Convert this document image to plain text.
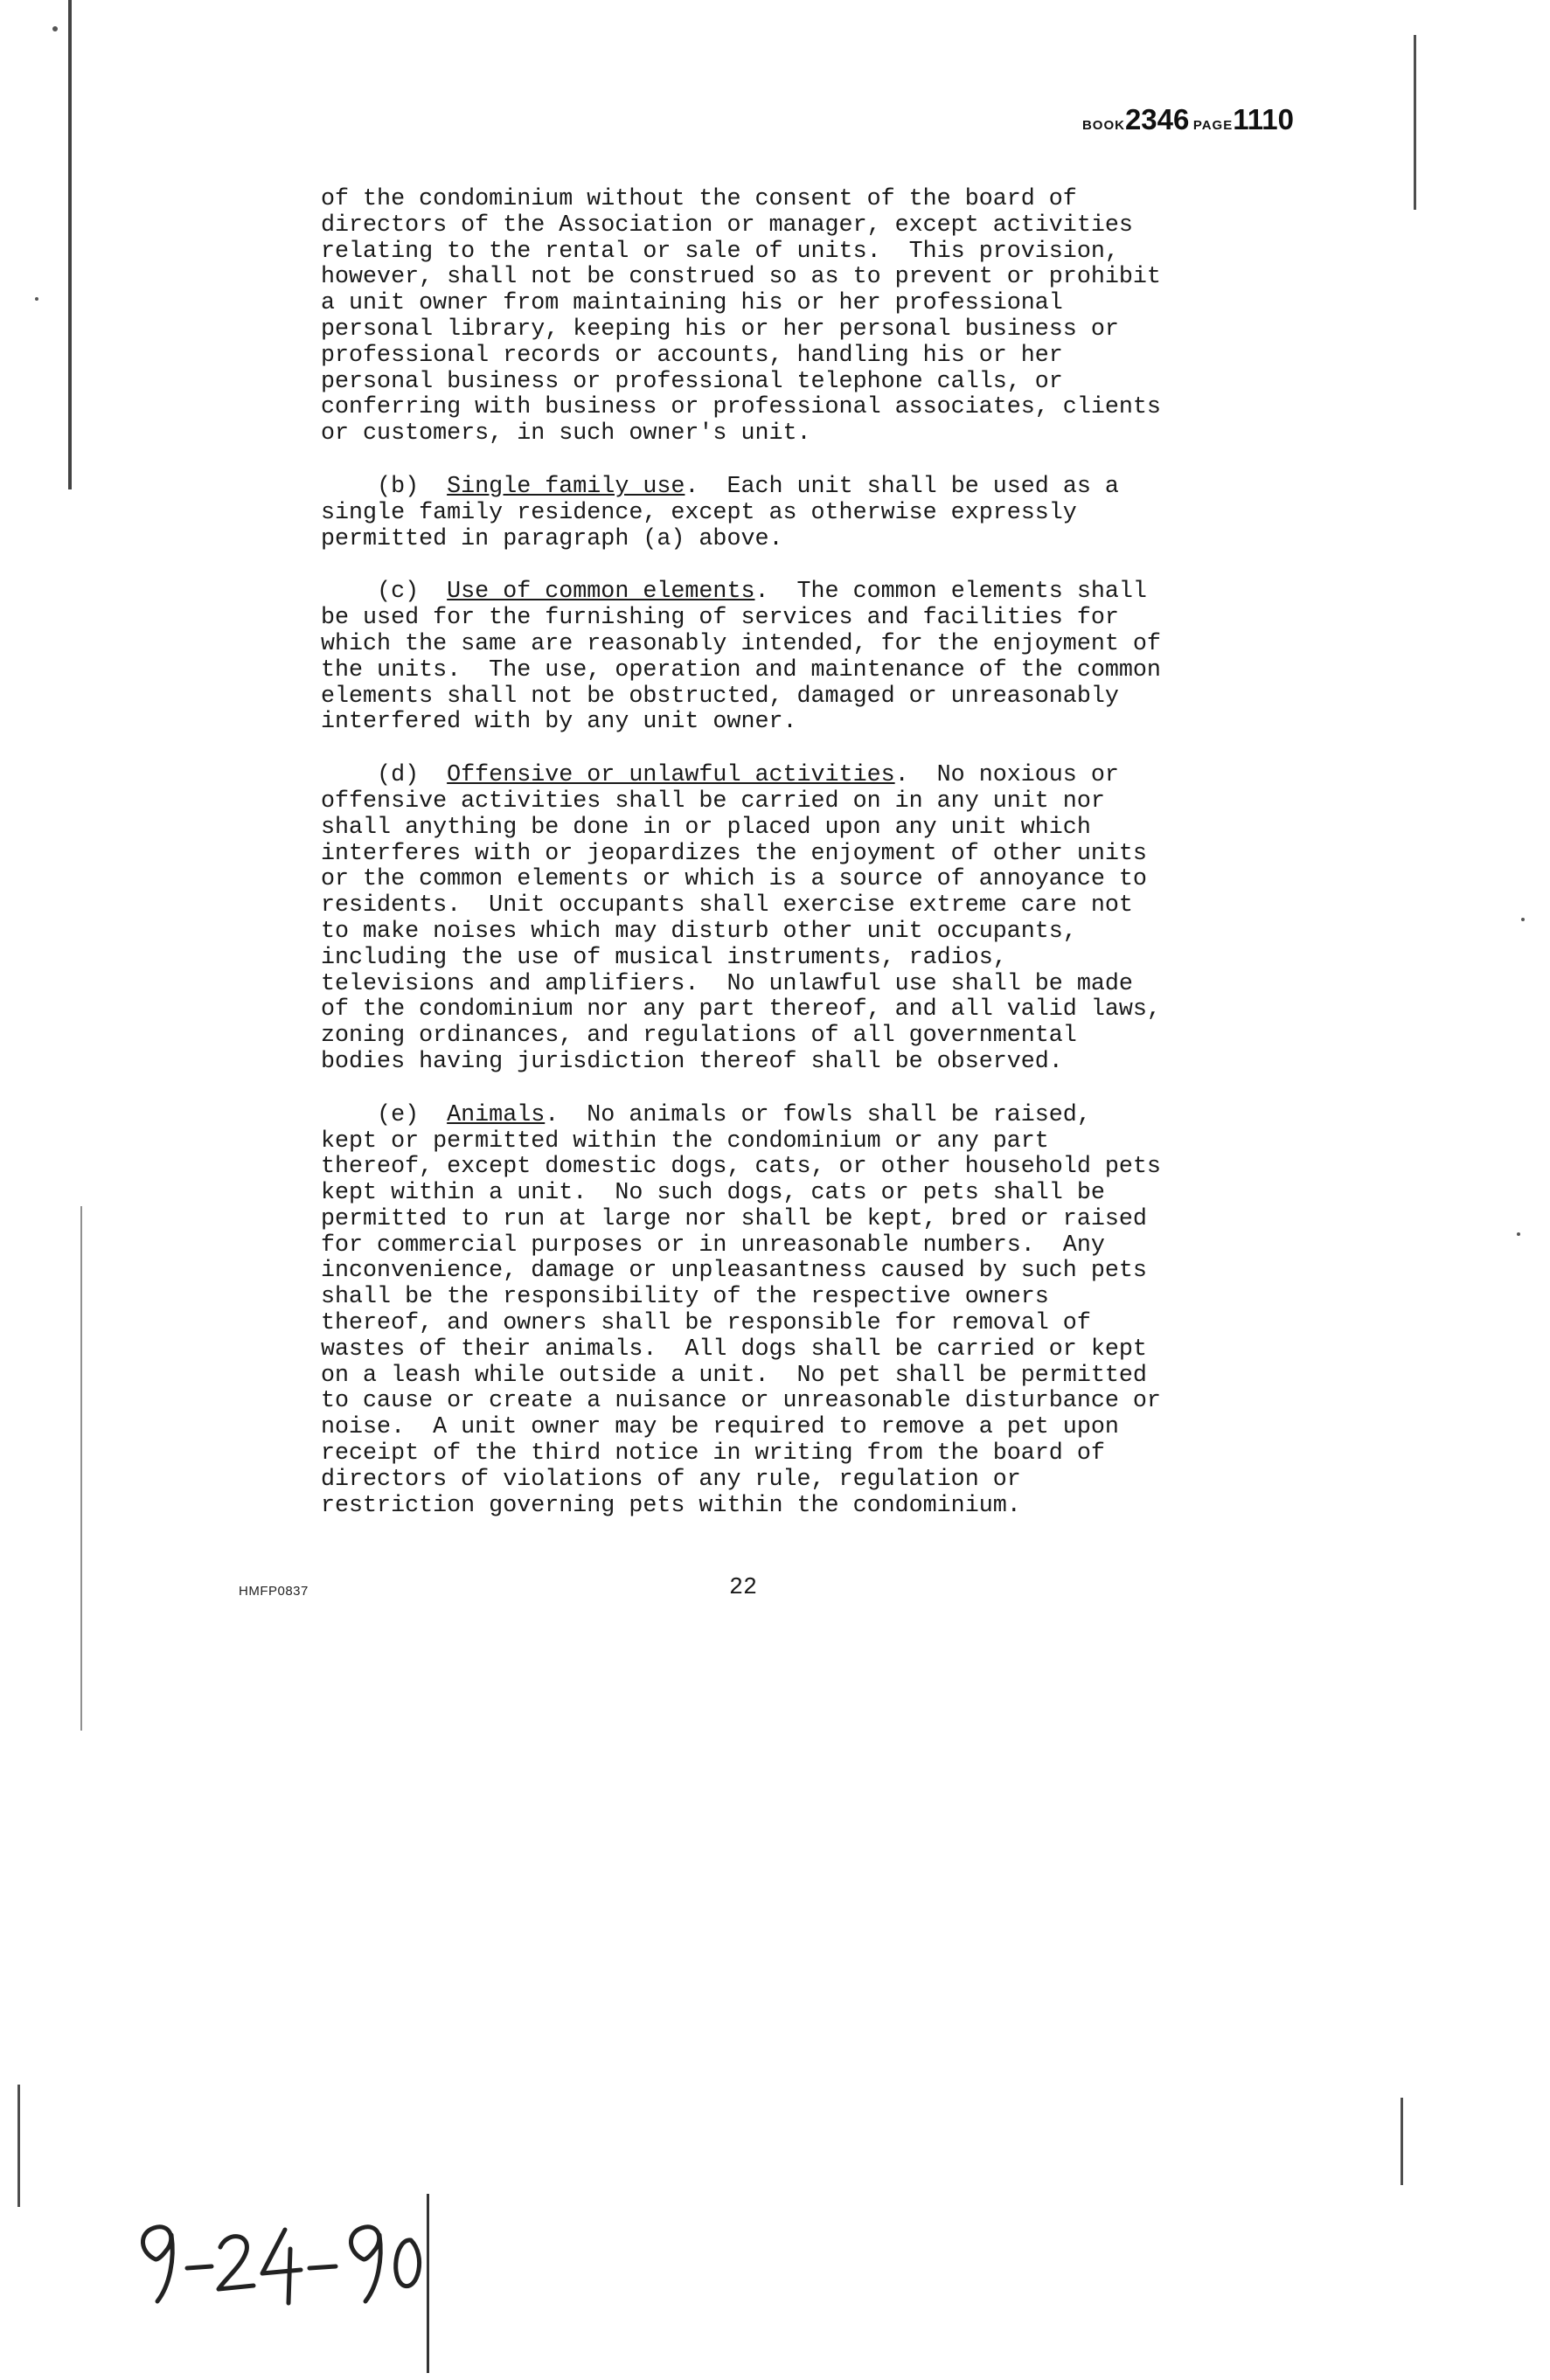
BOOK2346 PAGE1110

of the condominium without the consent of the board of

directors of the Association or manager, except activities

relating to the rental or sale of units.  This provision,

however, shall not be construed so as to prevent or prohibit

a unit owner from maintaining his or her professional

personal library, keeping his or her personal business or

professional records or accounts, handling his or her

personal business or professional telephone calls, or

conferring with business or professional associates, clients

or customers, in such owner's unit.

(b) Single family use.  Each unit shall be used as a

single family residence, except as otherwise expressly

permitted in paragraph (a) above.

(c) Use of common elements.  The common elements shall

be used for the furnishing of services and facilities for

which the same are reasonably intended, for the enjoyment of

the units.  The use, operation and maintenance of the common

elements shall not be obstructed, damaged or unreasonably

interfered with by any unit owner.

(d) Offensive or unlawful activities.  No noxious or

offensive activities shall be carried on in any unit nor

shall anything be done in or placed upon any unit which

interferes with or jeopardizes the enjoyment of other units

or the common elements or which is a source of annoyance to

residents.  Unit occupants shall exercise extreme care not

to make noises which may disturb other unit occupants,

including the use of musical instruments, radios,

televisions and amplifiers.  No unlawful use shall be made

of the condominium nor any part thereof, and all valid laws,

zoning ordinances, and regulations of all governmental

bodies having jurisdiction thereof shall be observed.

(e) Animals.  No animals or fowls shall be raised,

kept or permitted within the condominium or any part

thereof, except domestic dogs, cats, or other household pets

kept within a unit.  No such dogs, cats or pets shall be

permitted to run at large nor shall be kept, bred or raised

for commercial purposes or in unreasonable numbers.  Any

inconvenience, damage or unpleasantness caused by such pets

shall be the responsibility of the respective owners

thereof, and owners shall be responsible for removal of

wastes of their animals.  All dogs shall be carried or kept

on a leash while outside a unit.  No pet shall be permitted

to cause or create a nuisance or unreasonable disturbance or

noise.  A unit owner may be required to remove a pet upon

receipt of the third notice in writing from the board of

directors of violations of any rule, regulation or

restriction governing pets within the condominium.

HMFP0837	22
